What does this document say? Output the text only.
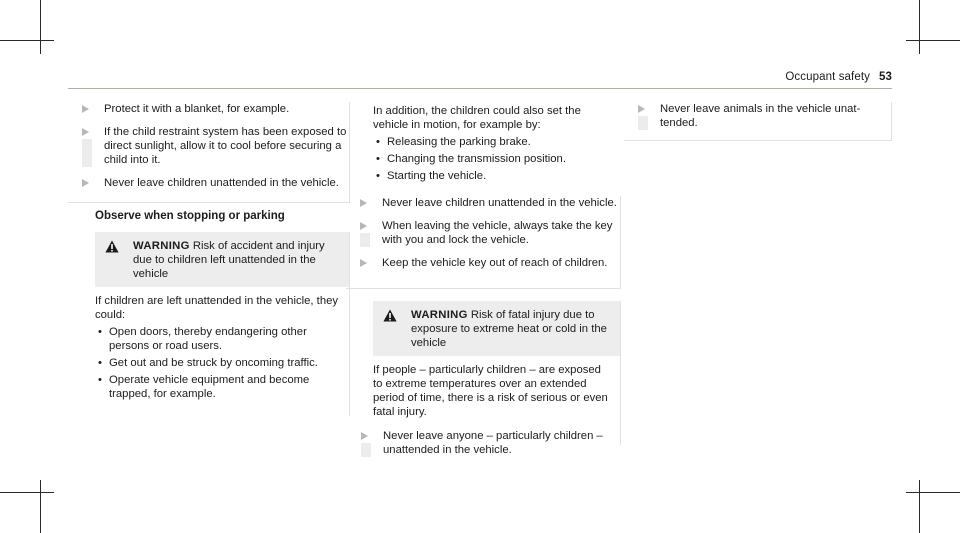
Occupant safety 53
Protect it with a blanket, for example.
If the child restraint system has been exposed to direct sunlight, allow it to cool before securing a child into it.
Never leave children unattended in the vehicle.
Observe when stopping or parking
WARNING Risk of accident and injury due to children left unattended in the vehicle
If children are left unattended in the vehicle, they could:
• Open doors, thereby endangering other persons or road users.
• Get out and be struck by oncoming traffic.
• Operate vehicle equipment and become trapped, for example.
In addition, the children could also set the vehicle in motion, for example by:
• Releasing the parking brake.
• Changing the transmission position.
• Starting the vehicle.
Never leave children unattended in the vehicle.
When leaving the vehicle, always take the key with you and lock the vehicle.
Keep the vehicle key out of reach of children.
WARNING Risk of fatal injury due to exposure to extreme heat or cold in the vehicle
If people – particularly children – are exposed to extreme temperatures over an extended period of time, there is a risk of serious or even fatal injury.
Never leave anyone – particularly children – unattended in the vehicle.
Never leave animals in the vehicle unattended.
